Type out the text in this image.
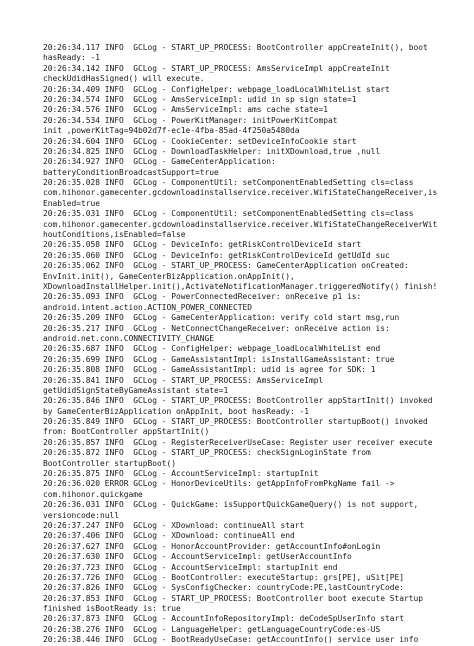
20:26:34.117 INFO  GCLog - START_UP_PROCESS: BootController appCreateInit(), boot
hasReady: -1
20:26:34.142 INFO  GCLog - START_UP_PROCESS: AmsServiceImpl appCreateInit
checkUdidHasSigned() will execute.
20:26:34.409 INFO  GCLog - ConfigHelper: webpage_loadLocalWhiteList start
20:26:34.574 INFO  GCLog - AmsServiceImpl: udid in sp sign state=1
20:26:34.576 INFO  GCLog - AmsServiceImpl: ams cache state=1
20:26:34.534 INFO  GCLog - PowerKitManager: initPowerKitCompat
init ,powerKitTag=94b02d7f-ec1e-4fba-85ad-4f250a5480da
20:26:34.604 INFO  GCLog - CookieCenter: setDeviceInfoCookie start
20:26:34.825 INFO  GCLog - DownloadTaskHelper: initXDownload,true ,null
20:26:34.927 INFO  GCLog - GameCenterApplication:
batteryConditionBroadcastSupport=true
20:26:35.028 INFO  GCLog - ComponentUtil: setComponentEnabledSetting cls=class
com.hihonor.gamecenter.gcdownloadinstallservice.receiver.WifiStateChangeReceiver,is
Enabled=true
20:26:35.031 INFO  GCLog - ComponentUtil: setComponentEnabledSetting cls=class
com.hihonor.gamecenter.gcdownloadinstallservice.receiver.WifiStateChangeReceiverWit
houtConditions,isEnabled=false
20:26:35.058 INFO  GCLog - DeviceInfo: getRiskControlDeviceId start
20:26:35.060 INFO  GCLog - DeviceInfo: getRiskControlDeviceId getUdId suc
20:26:35.062 INFO  GCLog - START_UP_PROCESS: GameCenterApplication onCreated:
EnvInit.init(), GameCenterBizApplication.onAppInit(),
XDownloadInstallHelper.init(),ActivateNotificationManager.triggeredNotify() finish!
20:26:35.093 INFO  GCLog - PowerConnectedReceiver: onReceive p1 is:
android.intent.action.ACTION_POWER_CONNECTED
20:26:35.209 INFO  GCLog - GameCenterApplication: verify cold start msg,run
20:26:35.217 INFO  GCLog - NetConnectChangeReceiver: onReceive action is:
android.net.conn.CONNECTIVITY_CHANGE
20:26:35.687 INFO  GCLog - ConfigHelper: webpage_loadLocalWhiteList end
20:26:35.699 INFO  GCLog - GameAssistantImpl: isInstallGameAssistant: true
20:26:35.808 INFO  GCLog - GameAssistantImpl: udid is agree for SDK: 1
20:26:35.841 INFO  GCLog - START_UP_PROCESS: AmsServiceImpl
getUdidSignStateByGameAssistant state=1
20:26:35.846 INFO  GCLog - START_UP_PROCESS: BootController appStartInit() invoked
by GameCenterBizApplication onAppInit, boot hasReady: -1
20:26:35.849 INFO  GCLog - START_UP_PROCESS: BootController startupBoot() invoked
from: BootController appStartInit()
20:26:35.857 INFO  GCLog - RegisterReceiverUseCase: Register user receiver execute
20:26:35.872 INFO  GCLog - START_UP_PROCESS: checkSignLoginState from
BootController startupBoot()
20:26:35.875 INFO  GCLog - AccountServiceImpl: startupInit
20:26:36.020 ERROR GCLog - HonorDeviceUtils: getAppInfoFromPkgName fail ->
com.hihonor.quickgame
20:26:36.031 INFO  GCLog - QuickGame: isSupportQuickGameQuery() is not support,
versioncode:null
20:26:37.247 INFO  GCLog - XDownload: continueAll start
20:26:37.406 INFO  GCLog - XDownload: continueAll end
20:26:37.627 INFO  GCLog - HonorAccountProvider: getAccountInfo#onLogin
20:26:37.630 INFO  GCLog - AccountServiceImpl: getUserAccountInfo
20:26:37.723 INFO  GCLog - AccountServiceImpl: startupInit end
20:26:37.726 INFO  GCLog - BootController: executeStartup: grs[PE], uSit[PE]
20:26:37.826 INFO  GCLog - SysConfigChecker: countryCode:PE,lastCountryCode:
20:26:37.853 INFO  GCLog - START_UP_PROCESS: BootController boot execute Startup
finished isBootReady is: true
20:26:37.873 INFO  GCLog - AccountInfoRepositoryImpl: deCodeSpUserInfo start
20:26:38.276 INFO  GCLog - LanguageHelper: getLanguageCountryCode:es-US
20:26:38.446 INFO  GCLog - BootReadyUseCase: getAccountInfo() service user info
